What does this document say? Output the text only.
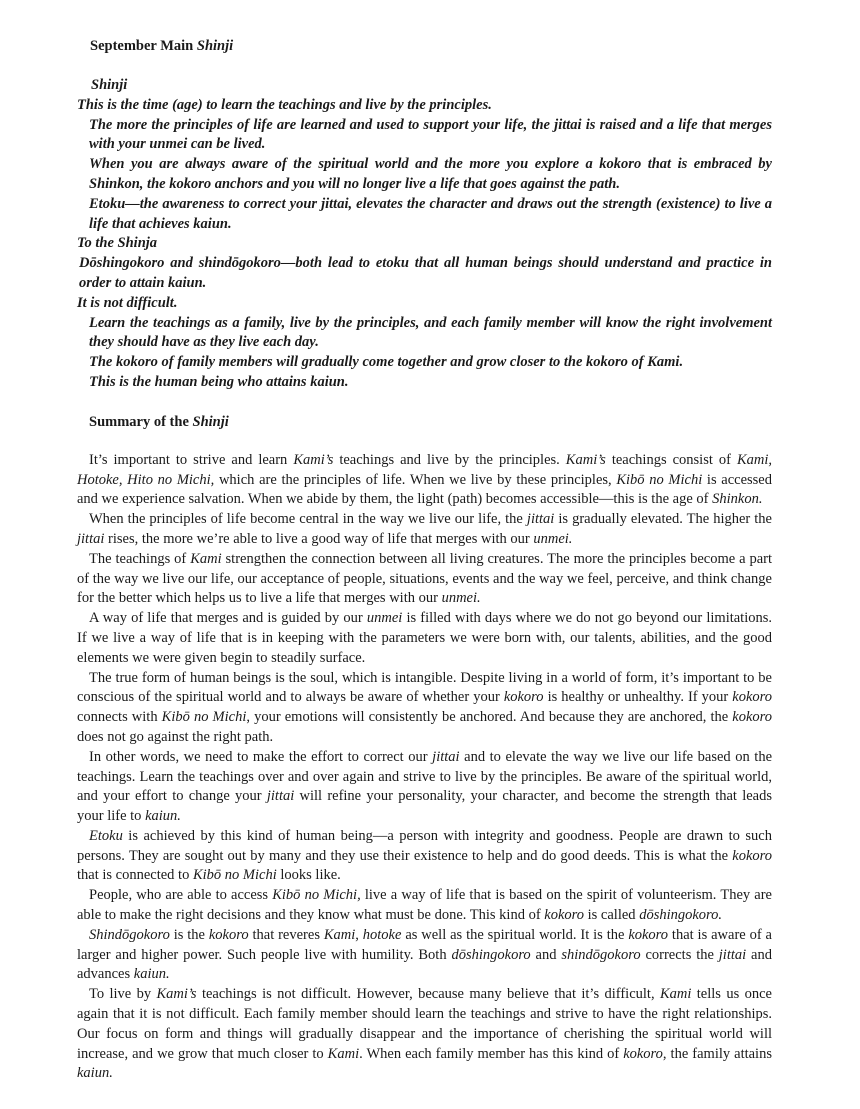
September Main Shinji
Shinji

This is the time (age) to learn the teachings and live by the principles.

The more the principles of life are learned and used to support your life, the jittai is raised and a life that merges with your unmei can be lived.

When you are always aware of the spiritual world and the more you explore a kokoro that is embraced by Shinkon, the kokoro anchors and you will no longer live a life that goes against the path.

Etoku—the awareness to correct your jittai, elevates the character and draws out the strength (existence) to live a life that achieves kaiun.

To the Shinja

Dōshingokoro and shindōgokoro—both lead to etoku that all human beings should understand and practice in order to attain kaiun.

It is not difficult.

Learn the teachings as a family, live by the principles, and each family member will know the right involvement they should have as they live each day.

The kokoro of family members will gradually come together and grow closer to the kokoro of Kami.

This is the human being who attains kaiun.

Summary of the Shinji

It’s important to strive and learn Kami’s teachings and live by the principles. Kami’s teachings consist of Kami, Hotoke, Hito no Michi, which are the principles of life. When we live by these principles, Kibō no Michi is accessed and we experience salvation. When we abide by them, the light (path) becomes accessible—this is the age of Shinkon.

When the principles of life become central in the way we live our life, the jittai is gradually elevated. The higher the jittai rises, the more we’re able to live a good way of life that merges with our unmei.

The teachings of Kami strengthen the connection between all living creatures. The more the principles become a part of the way we live our life, our acceptance of people, situations, events and the way we feel, perceive, and think change for the better which helps us to live a life that merges with our unmei.

A way of life that merges and is guided by our unmei is filled with days where we do not go beyond our limitations. If we live a way of life that is in keeping with the parameters we were born with, our talents, abilities, and the good elements we were given begin to steadily surface.

The true form of human beings is the soul, which is intangible. Despite living in a world of form, it’s important to be conscious of the spiritual world and to always be aware of whether your kokoro is healthy or unhealthy. If your kokoro connects with Kibō no Michi, your emotions will consistently be anchored. And because they are anchored, the kokoro does not go against the right path.

In other words, we need to make the effort to correct our jittai and to elevate the way we live our life based on the teachings. Learn the teachings over and over again and strive to live by the principles. Be aware of the spiritual world, and your effort to change your jittai will refine your personality, your character, and become the strength that leads your life to kaiun.

Etoku is achieved by this kind of human being—a person with integrity and goodness. People are drawn to such persons. They are sought out by many and they use their existence to help and do good deeds. This is what the kokoro that is connected to Kibō no Michi looks like.

People, who are able to access Kibō no Michi, live a way of life that is based on the spirit of volunteerism. They are able to make the right decisions and they know what must be done. This kind of kokoro is called dōshingokoro.

Shindōgokoro is the kokoro that reveres Kami, hotoke as well as the spiritual world. It is the kokoro that is aware of a larger and higher power. Such people live with humility. Both dōshingokoro and shindōgokoro corrects the jittai and advances kaiun.

To live by Kami’s teachings is not difficult. However, because many believe that it’s difficult, Kami tells us once again that it is not difficult. Each family member should learn the teachings and strive to have the right relationships. Our focus on form and things will gradually disappear and the importance of cherishing the spiritual world will increase, and we grow that much closer to Kami. When each family member has this kind of kokoro, the family attains kaiun.
